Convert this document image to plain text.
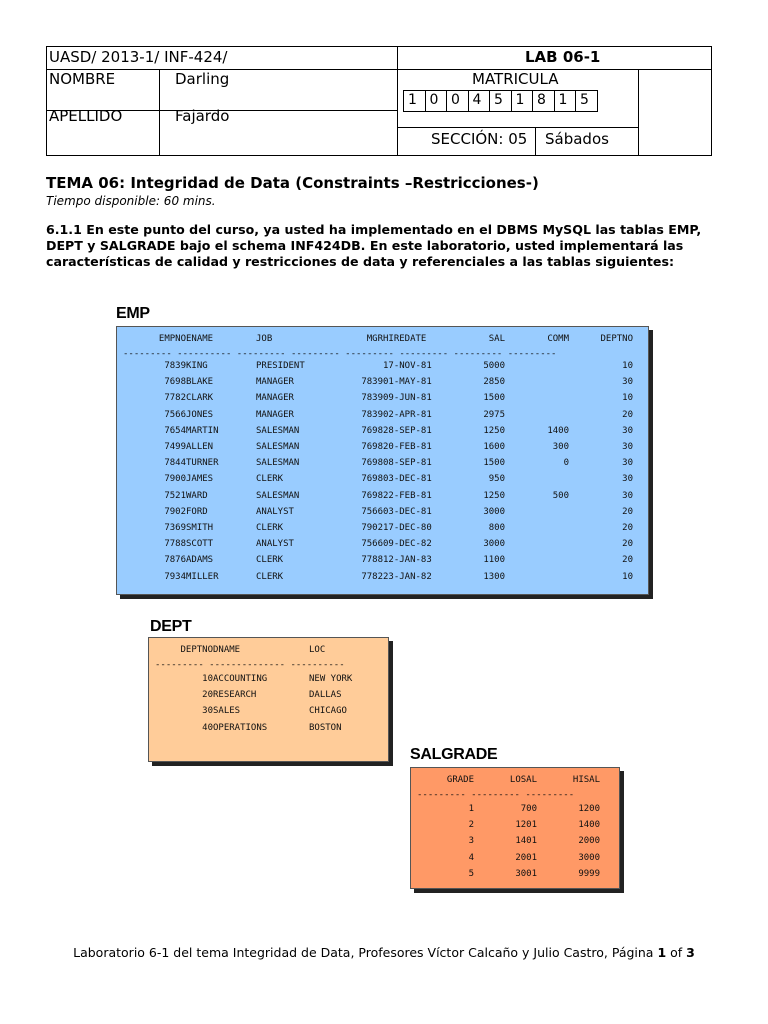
UASD/ 2013-1/ INF-424/	LAB 06-1
NOMBRE	Darling
APELLIDO	Fajardo
MATRICULA
SECCIÓN: 05 Sábados
1 0 0 4 5 1 8 1 5
TEMA 06: Integridad de Data (Constraints –Restricciones-)
Tiempo disponible: 60 mins.
6.1.1 En este punto del curso, ya usted ha implementado en el DBMS MySQL las tablas EMP, DEPT y SALGRADE bajo el schema INF424DB. En este laboratorio, usted implementará las características de calidad y restricciones de data y referenciales a las tablas siguientes:
EMP
EMPNO	ENAME	JOB	MGR	HIREDATE	SAL	COMM	DEPTNO

7839	KING	PRESIDENT		17-NOV-81	5000		10
7698	BLAKE	MANAGER	7839	01-MAY-81	2850		30
7782	CLARK	MANAGER	7839	09-JUN-81	1500		10
7566	JONES	MANAGER	7839	02-APR-81	2975		20
7654	MARTIN	SALESMAN	7698	28-SEP-81	1250	1400	30
7499	ALLEN	SALESMAN	7698	20-FEB-81	1600	300	30
7844	TURNER	SALESMAN	7698	08-SEP-81	1500	0	30
7900	JAMES	CLERK	7698	03-DEC-81	950		30
7521	WARD	SALESMAN	7698	22-FEB-81	1250	500	30
7902	FORD	ANALYST	7566	03-DEC-81	3000		20
7369	SMITH	CLERK	7902	17-DEC-80	800		20
7788	SCOTT	ANALYST	7566	09-DEC-82	3000		20
7876	ADAMS	CLERK	7788	12-JAN-83	1100		20
7934	MILLER	CLERK	7782	23-JAN-82	1300		10
--------- ---------- --------- --------- --------- --------- --------- ---------
DEPT
DEPTNO	DNAME	LOC

10	ACCOUNTING	NEW YORK
20	RESEARCH	DALLAS
30	SALES	CHICAGO
40	OPERATIONS	BOSTON
--------- -------------- ----------
SALGRADE
GRADE	LOSAL	HISAL

1	700	1200
2	1201	1400
3	1401	2000
4	2001	3000
5	3001	9999
--------- --------- ---------
Laboratorio 6-1 del tema Integridad de Data, Profesores Víctor Calcaño y Julio Castro, Página 1 of 3
